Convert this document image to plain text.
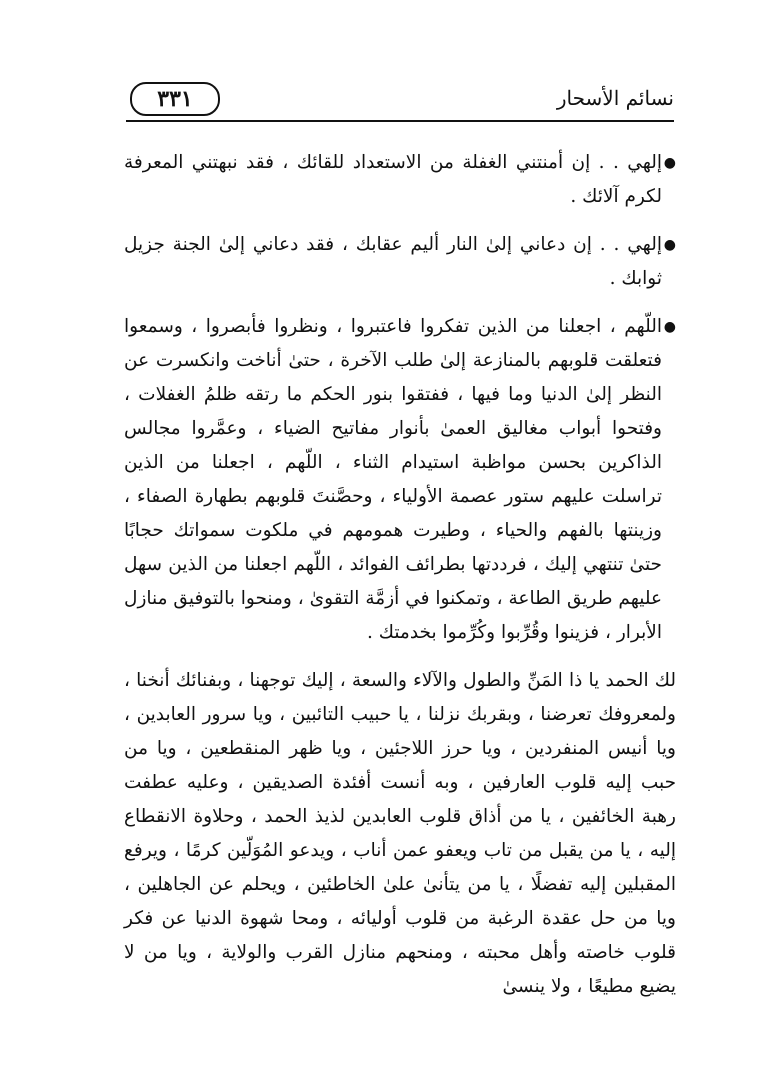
٣٣١	نسائم الأسحار

●
إلهي . . إن أمنتني الغفلة من الاستعداد للقائك ، فقد نبهتني المعرفة لكرم آلائك .

●
إلهي . . إن دعاني إلىٰ النار أليم عقابك ، فقد دعاني إلىٰ الجنة جزيل ثوابك .

●
اللّهم ، اجعلنا من الذين تفكروا فاعتبروا ، ونظروا فأبصروا ، وسمعوا فتعلقت قلوبهم بالمنازعة إلىٰ طلب الآخرة ، حتىٰ أناخت وانكسرت عن النظر إلىٰ الدنيا وما فيها ، ففتقوا بنور الحكم ما رتقه ظلمُ الغفلات ، وفتحوا أبواب مغاليق العمىٰ بأنوار مفاتيح الضياء ، وعمَّروا مجالس الذاكرين بحسن مواظبة استيدام الثناء ، اللّهم ، اجعلنا من الذين تراسلت عليهم ستور عصمة الأولياء ، وحصَّنتَ قلوبهم بطهارة الصفاء ، وزينتها بالفهم والحياء ، وطيرت همومهم في ملكوت سمواتك حجابًا حتىٰ تنتهي إليك ، فرددتها بطرائف الفوائد ، اللّهم اجعلنا من الذين سهل عليهم طريق الطاعة ، وتمكنوا في أزمَّة التقوىٰ ، ومنحوا بالتوفيق منازل الأبرار ، فزينوا وقُرِّبوا وكُرِّموا بخدمتك .

لك الحمد يا ذا المَنِّ والطول والآلاء والسعة ، إليك توجهنا ، وبفنائك أنخنا ، ولمعروفك تعرضنا ، وبقربك نزلنا ، يا حبيب التائبين ، ويا سرور العابدين ، ويا أنيس المنفردين ، ويا حرز اللاجئين ، ويا ظهر المنقطعين ، ويا من حبب إليه قلوب العارفين ، وبه أنست أفئدة الصديقين ، وعليه عطفت رهبة الخائفين ، يا من أذاق قلوب العابدين لذيذ الحمد ، وحلاوة الانقطاع إليه ، يا من يقبل من تاب ويعفو عمن أناب ، ويدعو المُوَلّين كرمًا ، ويرفع المقبلين إليه تفضلًا ، يا من يتأنىٰ علىٰ الخاطئين ، ويحلم عن الجاهلين ، ويا من حل عقدة الرغبة من قلوب أوليائه ، ومحا شهوة الدنيا عن فكر قلوب خاصته وأهل محبته ، ومنحهم منازل القرب والولاية ، ويا من لا يضيع مطيعًا ، ولا ينسىٰ
